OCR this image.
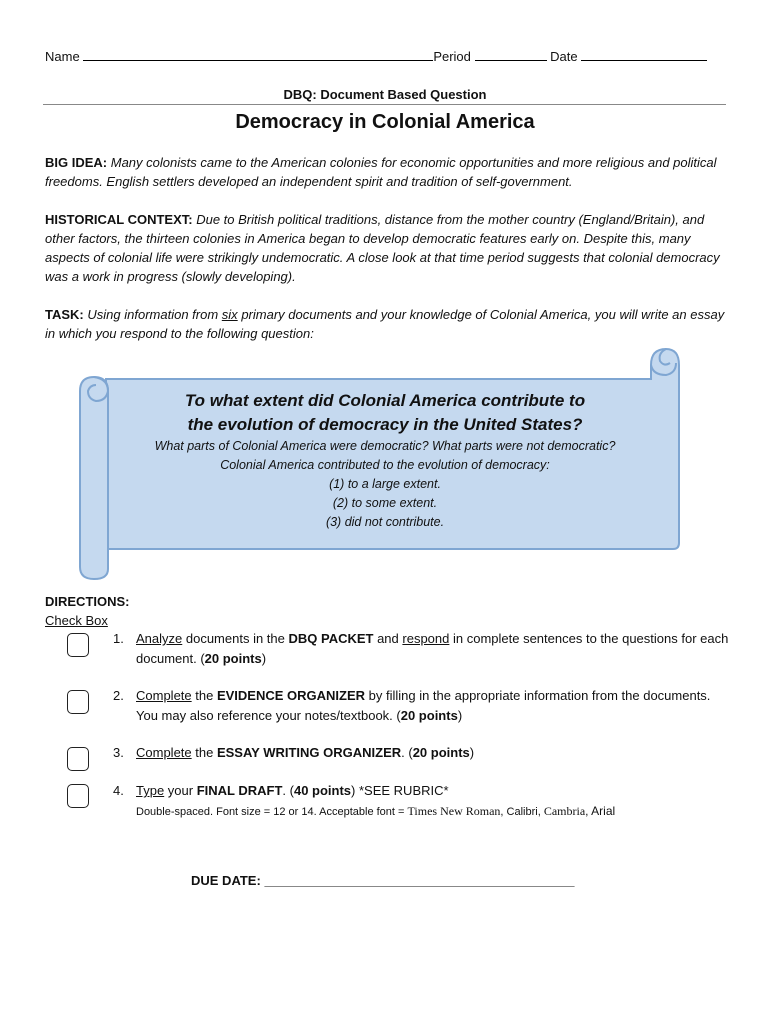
Name	Period	Date
DBQ: Document Based Question
Democracy in Colonial America
BIG IDEA: Many colonists came to the American colonies for economic opportunities and more religious and political freedoms. English settlers developed an independent spirit and tradition of self-government.
HISTORICAL CONTEXT: Due to British political traditions, distance from the mother country (England/Britain), and other factors, the thirteen colonies in America began to develop democratic features early on. Despite this, many aspects of colonial life were strikingly undemocratic. A close look at that time period suggests that colonial democracy was a work in progress (slowly developing).
TASK: Using information from six primary documents and your knowledge of Colonial America, you will write an essay in which you respond to the following question:
To what extent did Colonial America contribute to
the evolution of democracy in the United States?
What parts of Colonial America were democratic? What parts were not democratic?
Colonial America contributed to the evolution of democracy:
(1) to a large extent.
(2) to some extent.
(3) did not contribute.
DIRECTIONS:
Check Box
1. Analyze documents in the DBQ PACKET and respond in complete sentences to the questions for each document. (20 points)
2. Complete the EVIDENCE ORGANIZER by filling in the appropriate information from the documents. You may also reference your notes/textbook. (20 points)
3. Complete the ESSAY WRITING ORGANIZER. (20 points)
4. Type your FINAL DRAFT. (40 points) *SEE RUBRIC*
Double-spaced. Font size = 12 or 14. Acceptable font = Times New Roman, Calibri, Cambria, Arial
DUE DATE: ______________________________________________
